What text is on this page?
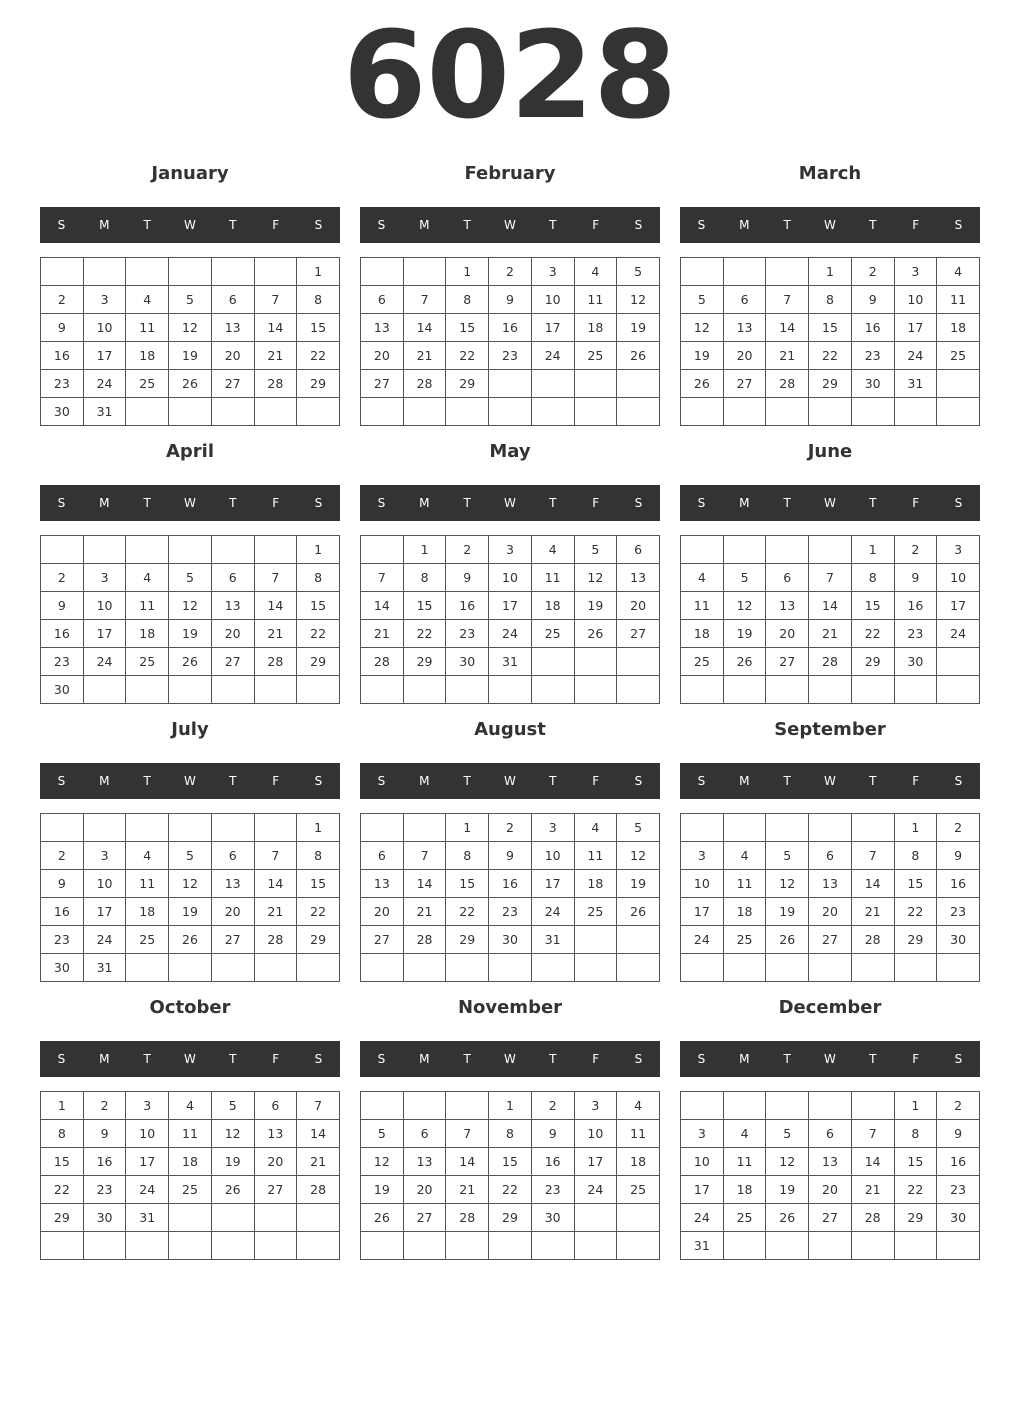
6028
January
S	M	T	W	T	F	S
						1
2	3	4	5	6	7	8
9	10	11	12	13	14	15
16	17	18	19	20	21	22
23	24	25	26	27	28	29
30	31					
February
S	M	T	W	T	F	S
		1	2	3	4	5
6	7	8	9	10	11	12
13	14	15	16	17	18	19
20	21	22	23	24	25	26
27	28	29				

March
S	M	T	W	T	F	S
			1	2	3	4
5	6	7	8	9	10	11
12	13	14	15	16	17	18
19	20	21	22	23	24	25
26	27	28	29	30	31	

April
S	M	T	W	T	F	S
						1
2	3	4	5	6	7	8
9	10	11	12	13	14	15
16	17	18	19	20	21	22
23	24	25	26	27	28	29
30						
May
S	M	T	W	T	F	S
	1	2	3	4	5	6
7	8	9	10	11	12	13
14	15	16	17	18	19	20
21	22	23	24	25	26	27
28	29	30	31			

June
S	M	T	W	T	F	S
				1	2	3
4	5	6	7	8	9	10
11	12	13	14	15	16	17
18	19	20	21	22	23	24
25	26	27	28	29	30	

July
S	M	T	W	T	F	S
						1
2	3	4	5	6	7	8
9	10	11	12	13	14	15
16	17	18	19	20	21	22
23	24	25	26	27	28	29
30	31					
August
S	M	T	W	T	F	S
		1	2	3	4	5
6	7	8	9	10	11	12
13	14	15	16	17	18	19
20	21	22	23	24	25	26
27	28	29	30	31		

September
S	M	T	W	T	F	S
					1	2
3	4	5	6	7	8	9
10	11	12	13	14	15	16
17	18	19	20	21	22	23
24	25	26	27	28	29	30

October
S	M	T	W	T	F	S
1	2	3	4	5	6	7
8	9	10	11	12	13	14
15	16	17	18	19	20	21
22	23	24	25	26	27	28
29	30	31				

November
S	M	T	W	T	F	S
			1	2	3	4
5	6	7	8	9	10	11
12	13	14	15	16	17	18
19	20	21	22	23	24	25
26	27	28	29	30		

December
S	M	T	W	T	F	S
					1	2
3	4	5	6	7	8	9
10	11	12	13	14	15	16
17	18	19	20	21	22	23
24	25	26	27	28	29	30
31						
